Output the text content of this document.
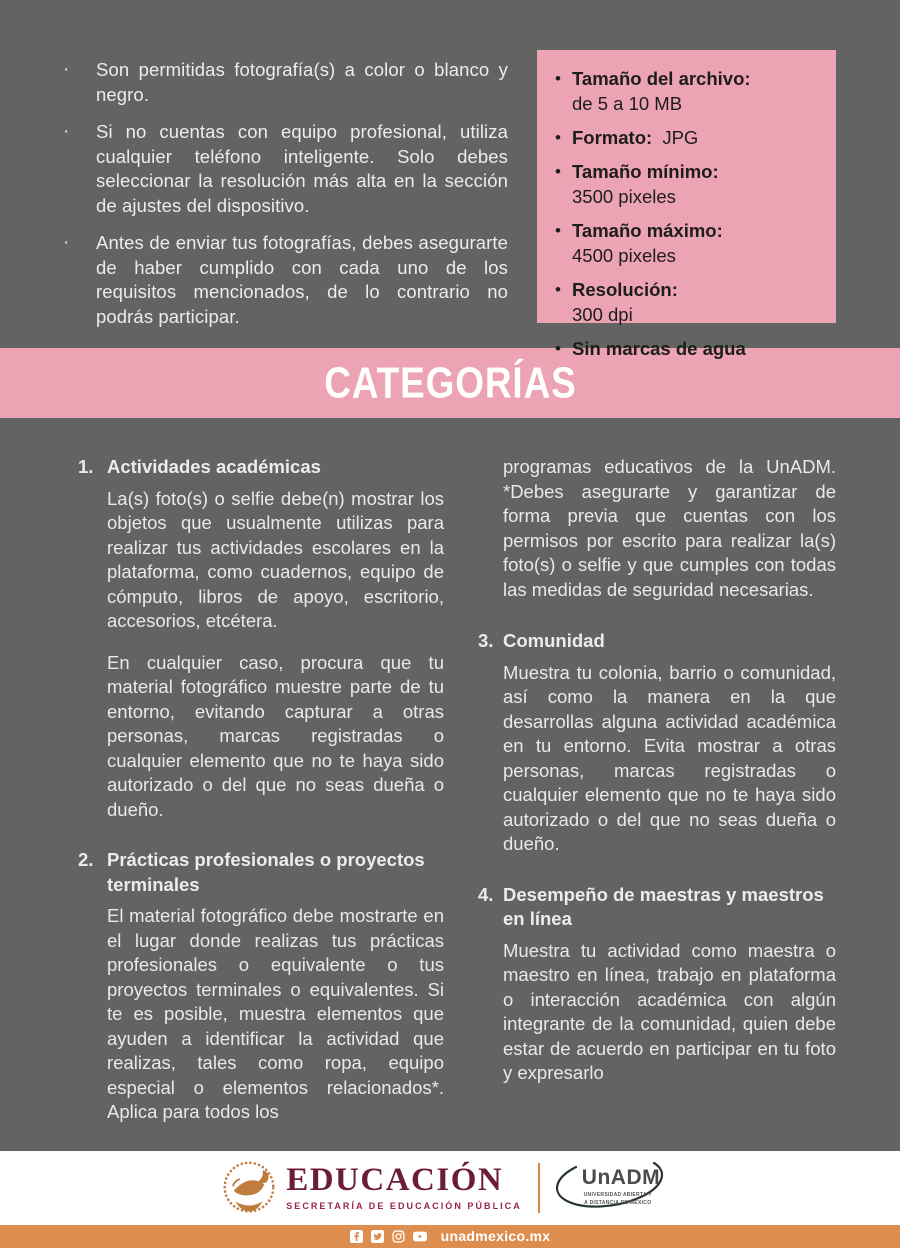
·	Son permitidas fotografía(s) a color o blanco y negro.

·	Si no cuentas con equipo profesional, utiliza cualquier teléfono inteligente. Solo debes seleccionar la resolución más alta en la sección de ajustes del dispositivo.

·	Antes de enviar tus fotografías, debes asegurarte de haber cumplido con cada uno de los requisitos mencionados, de lo contrario no podrás participar.

• Tamaño del archivo:
de 5 a 10 MB
• Formato: JPG
• Tamaño mínimo:
3500 pixeles
• Tamaño máximo:
4500 pixeles
• Resolución:
300 dpi
• Sin marcas de agua
CATEGORÍAS
1. Actividades académicas

La(s) foto(s) o selfie debe(n) mostrar los objetos que usualmente utilizas para realizar tus actividades escolares en la plataforma, como cuadernos, equipo de cómputo, libros de apoyo, escritorio, accesorios, etcétera.

En cualquier caso, procura que tu material fotográfico muestre parte de tu entorno, evitando capturar a otras personas, marcas registradas o cualquier elemento que no te haya sido autorizado o del que no seas dueña o dueño.

2. Prácticas profesionales o proyectos terminales

El material fotográfico debe mostrarte en el lugar donde realizas tus prácticas profesionales o equivalente o tus proyectos terminales o equivalentes. Si te es posible, muestra elementos que ayuden a identificar la actividad que realizas, tales como ropa, equipo especial o elementos relacionados*. Aplica para todos los

programas educativos de la UnADM. *Debes asegurarte y garantizar de forma previa que cuentas con los permisos por escrito para realizar la(s) foto(s) o selfie y que cumples con todas las medidas de seguridad necesarias.

3. Comunidad

Muestra tu colonia, barrio o comunidad, así como la manera en la que desarrollas alguna actividad académica en tu entorno. Evita mostrar a otras personas, marcas registradas o cualquier elemento que no te haya sido autorizado o del que no seas dueña o dueño.

4. Desempeño de maestras y maestros en línea

Muestra tu actividad como maestra o maestro en línea, trabajo en plataforma o interacción académica con algún integrante de la comunidad, quien debe estar de acuerdo en participar en tu foto y expresarlo

EDUCACIÓN
SECRETARÍA DE EDUCACIÓN PÚBLICA
UnADM
UNIVERSIDAD ABIERTA Y
A DISTANCIA DE MÉXICO
unadmexico.mx
